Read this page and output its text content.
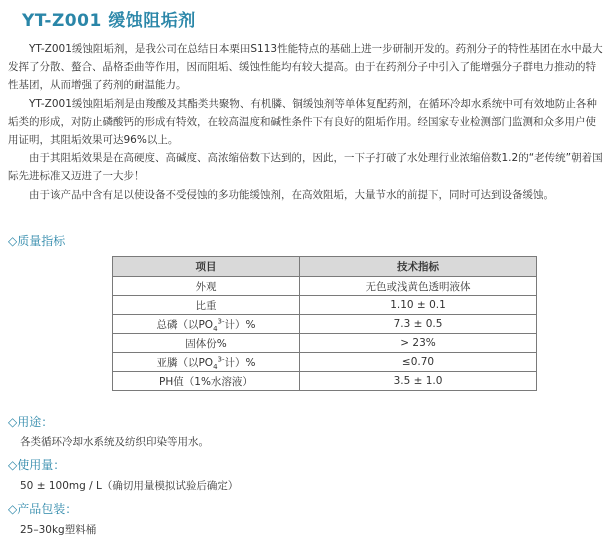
YT-Z001 缓蚀阻垢剂

YT-Z001缓蚀阻垢剂，是我公司在总结日本栗田S113性能特点的基础上进一步研制开发的。药剂分子的特性基团在水中最大发挥了分散、螯合、晶格歪曲等作用，因而阻垢、缓蚀性能均有较大提高。由于在药剂分子中引入了能增强分子群电力推动的特性基团，从而增强了药剂的耐温能力。

YT-Z001缓蚀阻垢剂是由羧酸及其酯类共聚物、有机膦、铜缓蚀剂等单体复配药剂，在循环冷却水系统中可有效地防止各种垢类的形成，对防止磷酸钙的形成有特效，在较高温度和碱性条件下有良好的阻垢作用。经国家专业检测部门监测和众多用户使用证明，其阻垢效果可达96%以上。

由于其阻垢效果是在高硬度、高碱度、高浓缩倍数下达到的，因此，一下子打破了水处理行业浓缩倍数1.2的“老传统”朝着国际先进标准又迈进了一大步！

由于该产品中含有足以使设备不受侵蚀的多功能缓蚀剂，在高效阻垢，大量节水的前提下，同时可达到设备缓蚀。

◇质量指标
项目	技术指标
外观	无色或浅黄色透明液体
比重	1.10 ± 0.1
总磷（以$PO_4^{3-}$计）%	7.3 ± 0.5
固体份%	> 23%
亚膦（以$PO_4^{3-}$计）%	≤0.70
PH值（1%水溶液）	3.5 ± 1.0
◇用途：
各类循环冷却水系统及纺织印染等用水。
◇使用量：
50 ± 100mg / L（确切用量模拟试验后确定）
◇产品包装：
25–30kg塑料桶
